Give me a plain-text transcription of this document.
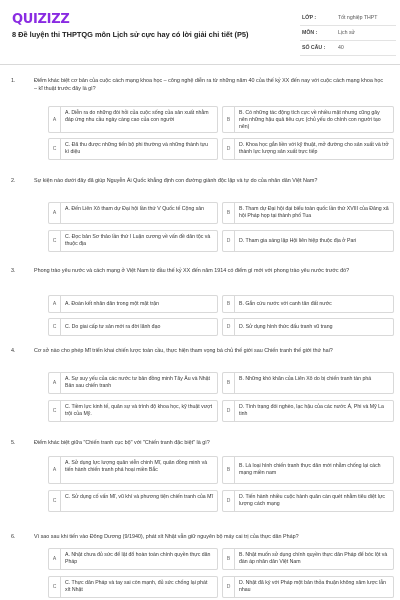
QUIZIZZ
8 Đề luyện thi THPTQG môn Lịch sử cực hay có lời giải chi tiết (P5)
LỚP :	Tốt nghiệp THPT
MÔN :	Lịch sử
SỐ CÂU : 40
1.	Điểm khác biệt cơ bản của cuộc cách mạng khoa học – công nghệ diễn ra từ những năm 40 của thế kỷ XX đến nay với cuộc cách mạng khoa học – kĩ thuật trước đây là gì?
A
A. Diễn ra do những đòi hỏi của cuộc sống của sản xuất nhằm đáp ứng nhu cầu ngày càng cao của con người	B
B. Có những tác động tích cực về nhiều mặt nhưng cũng gây nên những hậu quả tiêu cực (chủ yếu do chính con người tạo nên)
C
C. Đã thu được những tiến bộ phi thường và những thành tựu kì diệu	D
D. Khoa học gắn liền với kỹ thuật, mở đường cho sản xuất và trở thành lực lượng sản xuất trực tiếp
2.	Sự kiện nào dưới đây đã giúp Nguyễn Ái Quốc khẳng định con đường giành độc lập và tự do của nhân dân Việt Nam?
A
A. Đến Liên Xô tham dự Đại hội lần thứ V Quốc tế Cộng sản
B
B. Tham dự Đại hội đại biểu toàn quốc lần thứ XVIII của Đảng xã hội Pháp họp tại thành phố Tua
C
C. Đọc bản Sơ thảo lần thứ I Luận cương về vấn đề dân tộc và thuộc địa	D	D. Tham gia sáng lập Hội liên hiệp thuộc địa ở Pari
3.	Phong trào yêu nước và cách mạng ở Việt Nam từ đầu thế kỷ XX đến năm 1914 có điểm gì mới với phong trào yêu nước trước đó?
A	A. Đoàn kết nhân dân trong một mặt trận	B	B. Gắn cứu nước với canh tân đất nước
C	C. Do giai cấp tư sản mới ra đời lãnh đạo	D	D. Sử dụng hình thức đấu tranh vũ trang
4.	Cơ sở nào cho phép Mĩ triển khai chiến lược toàn cầu, thực hiện tham vọng bá chủ thế giới sau Chiến tranh thế giới thứ hai?
A
A. Sự suy yếu của các nước tư bản đồng minh Tây Âu và Nhật Bản sau chiến tranh	B
B. Những khó khăn của Liên Xô do bị chiến tranh tàn phá
C
C. Tiềm lực kinh tế, quân sự và trình độ khoa học, kỹ thuật vượt trội của Mỹ.	D
D. Tình trạng đói nghèo, lạc hậu của các nước Á, Phi và Mỹ La tinh
5.	Điểm khác biệt giữa "Chiến tranh cục bộ" với "Chiến tranh đặc biệt" là gì?
A
A. Sử dụng lực lượng quân viễn chinh Mĩ, quân đồng minh và tiến hành chiến tranh phá hoại miền Bắc	B
B. Là loại hình chiến tranh thực dân mới nhằm chống lại cách mạng miền nam
C
C. Sử dụng cố vấn Mĩ, vũ khí và phương tiện chiến tranh của Mĩ
D
D. Tiến hành nhiều cuộc hành quân càn quét nhằm tiêu diệt lực lượng cách mạng
6.	Vì sao sau khi tiến vào Đông Dương (9/1940), phát xít Nhật vẫn giữ nguyên bộ máy cai trị của thực dân Pháp?
A
A. Nhật chưa đủ sức để lật đổ hoàn toàn chính quyền thực dân Pháp	B
B. Nhật muốn sử dụng chính quyền thực dân Pháp để bóc lột và đàn áp nhân dân Việt Nam
C
C. Thực dân Pháp và tay sai còn mạnh, đủ sức chống lại phát xít Nhật	D
D. Nhật đã ký với Pháp một bản thỏa thuận không xâm lược lẫn nhau
